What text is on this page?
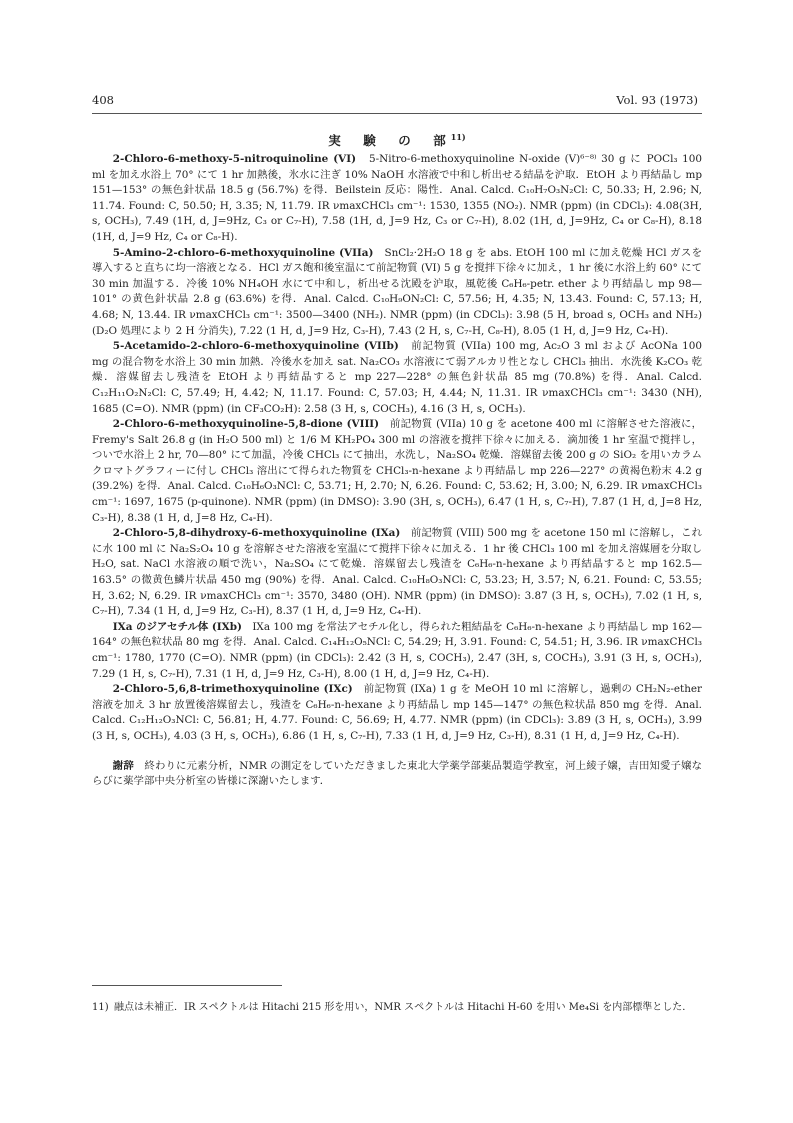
408	Vol. 93 (1973)
実　験　の　部$^{11)}$

2-Chloro-6-methoxy-5-nitroquinoline (VI)　 5-Nitro-6-methoxyquinoline N-oxide (V)⁶⁻⁸⁾ 30 g に POCl₃ 100 ml を加え水浴上 70° にて 1 hr 加熱後，氷水に注ぎ 10% NaOH 水溶液で中和し析出せる結晶を沪取．EtOH より再結晶し mp 151—153° の無色針状晶 18.5 g (56.7%) を得．Beilstein 反応：陽性．Anal. Calcd. C₁₀H₇O₃N₂Cl: C, 50.33; H, 2.96; N, 11.74. Found: C, 50.50; H, 3.35; N, 11.79. IR νmaxCHCl₃ cm⁻¹: 1530, 1355 (NO₂). NMR (ppm) (in CDCl₃): 4.08(3H, s, OCH₃), 7.49 (1H, d, J=9Hz, C₃ or C₇-H), 7.58 (1H, d, J=9 Hz, C₃ or C₇-H), 8.02 (1H, d, J=9Hz, C₄ or C₈-H), 8.18 (1H, d, J=9 Hz, C₄ or C₈-H).

5-Amino-2-chloro-6-methoxyquinoline (VIIa)　 SnCl₂·2H₂O 18 g を abs. EtOH 100 ml に加え乾燥 HCl ガスを導入すると直ちに均一溶液となる．HCl ガス飽和後室温にて前記物質 (VI) 5 g を撹拌下徐々に加え，1 hr 後に水浴上約 60° にて 30 min 加温する．冷後 10% NH₄OH 水にて中和し，析出せる沈殿を沪取，風乾後 C₆H₆-petr. ether より再結晶し mp 98—101° の黄色針状晶 2.8 g (63.6%) を得．Anal. Calcd. C₁₀H₉ON₂Cl: C, 57.56; H, 4.35; N, 13.43. Found: C, 57.13; H, 4.68; N, 13.44. IR νmaxCHCl₃ cm⁻¹: 3500—3400 (NH₂). NMR (ppm) (in CDCl₃): 3.98 (5 H, broad s, OCH₃ and NH₂) (D₂O 処理により 2 H 分消失), 7.22 (1 H, d, J=9 Hz, C₃-H), 7.43 (2 H, s, C₇-H, C₈-H), 8.05 (1 H, d, J=9 Hz, C₄-H).

5-Acetamido-2-chloro-6-methoxyquinoline (VIIb)　 前記物質 (VIIa) 100 mg, Ac₂O 3 ml および AcONa 100 mg の混合物を水浴上 30 min 加熱．冷後水を加え sat. Na₂CO₃ 水溶液にて弱アルカリ性となし CHCl₃ 抽出．水洗後 K₂CO₃ 乾燥．溶媒留去し残渣を EtOH より再結晶すると mp 227—228° の無色針状晶 85 mg (70.8%) を得．Anal. Calcd. C₁₂H₁₁O₂N₂Cl: C, 57.49; H, 4.42; N, 11.17. Found: C, 57.03; H, 4.44; N, 11.31. IR νmaxCHCl₃ cm⁻¹: 3430 (NH), 1685 (C=O). NMR (ppm) (in CF₃CO₂H): 2.58 (3 H, s, COCH₃), 4.16 (3 H, s, OCH₃).

2-Chloro-6-methoxyquinoline-5,8-dione (VIII)　 前記物質 (VIIa) 10 g を acetone 400 ml に溶解させた溶液に，Fremy's Salt 26.8 g (in H₂O 500 ml) と 1/6 M KH₂PO₄ 300 ml の溶液を撹拌下徐々に加える．滴加後 1 hr 室温で撹拌し，ついで水浴上 2 hr, 70—80° にて加温，冷後 CHCl₃ にて抽出，水洗し，Na₂SO₄ 乾燥．溶媒留去後 200 g の SiO₂ を用いカラムクロマトグラフィーに付し CHCl₃ 溶出にて得られた物質を CHCl₃-n-hexane より再結晶し mp 226—227° の黄褐色粉末 4.2 g (39.2%) を得．Anal. Calcd. C₁₀H₆O₃NCl: C, 53.71; H, 2.70; N, 6.26. Found: C, 53.62; H, 3.00; N, 6.29. IR νmaxCHCl₃ cm⁻¹: 1697, 1675 (p-quinone). NMR (ppm) (in DMSO): 3.90 (3H, s, OCH₃), 6.47 (1 H, s, C₇-H), 7.87 (1 H, d, J=8 Hz, C₃-H), 8.38 (1 H, d, J=8 Hz, C₄-H).

2-Chloro-5,8-dihydroxy-6-methoxyquinoline (IXa)　 前記物質 (VIII) 500 mg を acetone 150 ml に溶解し，これに水 100 ml に Na₂S₂O₄ 10 g を溶解させた溶液を室温にて撹拌下徐々に加える．1 hr 後 CHCl₃ 100 ml を加え溶媒層を分取し H₂O, sat. NaCl 水溶液の順で洗い，Na₂SO₄ にて乾燥．溶媒留去し残渣を C₆H₆-n-hexane より再結晶すると mp 162.5—163.5° の微黄色鱗片状晶 450 mg (90%) を得．Anal. Calcd. C₁₀H₈O₃NCl: C, 53.23; H, 3.57; N, 6.21. Found: C, 53.55; H, 3.62; N, 6.29. IR νmaxCHCl₃ cm⁻¹: 3570, 3480 (OH). NMR (ppm) (in DMSO): 3.87 (3 H, s, OCH₃), 7.02 (1 H, s, C₇-H), 7.34 (1 H, d, J=9 Hz, C₃-H), 8.37 (1 H, d, J=9 Hz, C₄-H).

IXa のジアセチル体 (IXb)　 IXa 100 mg を常法アセチル化し，得られた粗結晶を C₆H₆-n-hexane より再結晶し mp 162—164° の無色粒状晶 80 mg を得．Anal. Calcd. C₁₄H₁₂O₅NCl: C, 54.29; H, 3.91. Found: C, 54.51; H, 3.96. IR νmaxCHCl₃ cm⁻¹: 1780, 1770 (C=O). NMR (ppm) (in CDCl₃): 2.42 (3 H, s, COCH₃), 2.47 (3H, s, COCH₃), 3.91 (3 H, s, OCH₃), 7.29 (1 H, s, C₇-H), 7.31 (1 H, d, J=9 Hz, C₃-H), 8.00 (1 H, d, J=9 Hz, C₄-H).

2-Chloro-5,6,8-trimethoxyquinoline (IXc)　 前記物質 (IXa) 1 g を MeOH 10 ml に溶解し，過剰の CH₂N₂-ether 溶液を加え 3 hr 放置後溶媒留去し，残渣を C₆H₆-n-hexane より再結晶し mp 145—147° の無色粒状晶 850 mg を得．Anal. Calcd. C₁₂H₁₂O₃NCl: C, 56.81; H, 4.77. Found: C, 56.69; H, 4.77. NMR (ppm) (in CDCl₃): 3.89 (3 H, s, OCH₃), 3.99 (3 H, s, OCH₃), 4.03 (3 H, s, OCH₃), 6.86 (1 H, s, C₇-H), 7.33 (1 H, d, J=9 Hz, C₃-H), 8.31 (1 H, d, J=9 Hz, C₄-H).

謝辞　 終わりに元素分析，NMR の測定をしていただきました東北大学薬学部薬品製造学教室，河上綾子嬢，吉田知愛子嬢ならびに薬学部中央分析室の皆様に深謝いたします．

11) 融点は未補正．IR スペクトルは Hitachi 215 形を用い，NMR スペクトルは Hitachi H-60 を用い Me₄Si を内部標準とした．
